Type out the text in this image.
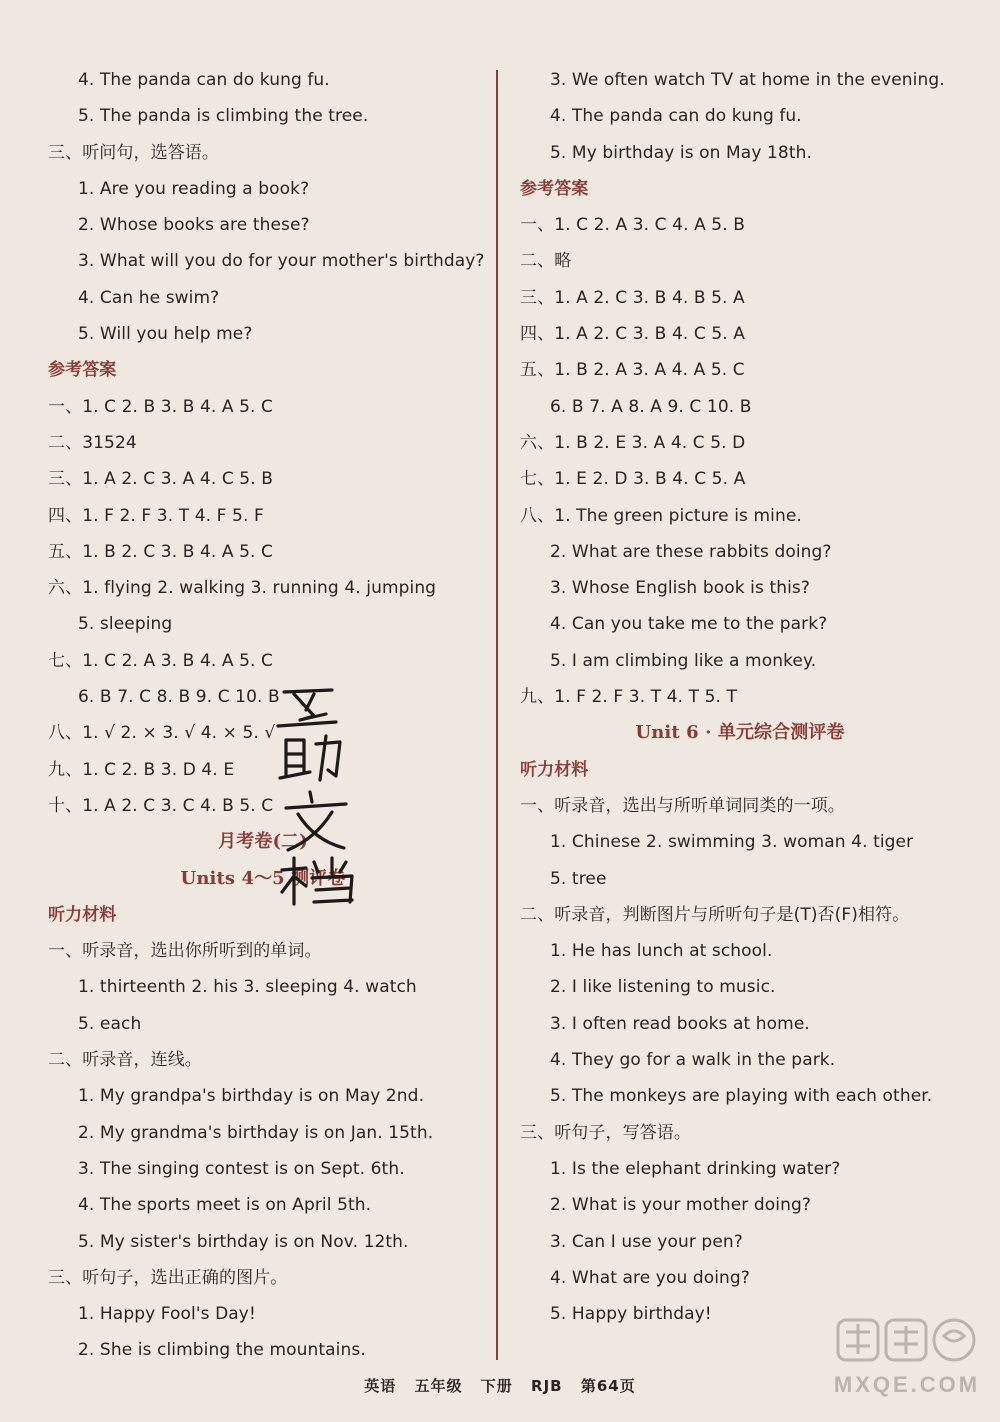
4. The panda can do kung fu.
5. The panda is climbing the tree.
三、听问句，选答语。
1. Are you reading a book?
2. Whose books are these?
3. What will you do for your mother's birthday?
4. Can he swim?
5. Will you help me?
参考答案
一、1. C 2. B 3. B 4. A 5. C
二、31524
三、1. A 2. C 3. A 4. C 5. B
四、1. F 2. F 3. T 4. F 5. F
五、1. B 2. C 3. B 4. A 5. C
六、1. flying 2. walking 3. running 4. jumping
5. sleeping
七、1. C 2. A 3. B 4. A 5. C
6. B 7. C 8. B 9. C 10. B
八、1. √ 2. × 3. √ 4. × 5. √
九、1. C 2. B 3. D 4. E
十、1. A 2. C 3. C 4. B 5. C
月考卷(二)
Units 4～5 测评卷
听力材料
一、听录音，选出你所听到的单词。
1. thirteenth 2. his 3. sleeping 4. watch
5. each
二、听录音，连线。
1. My grandpa's birthday is on May 2nd.
2. My grandma's birthday is on Jan. 15th.
3. The singing contest is on Sept. 6th.
4. The sports meet is on April 5th.
5. My sister's birthday is on Nov. 12th.
三、听句子，选出正确的图片。
1. Happy Fool's Day!
2. She is climbing the mountains.
3. We often watch TV at home in the evening.
4. The panda can do kung fu.
5. My birthday is on May 18th.
参考答案
一、1. C 2. A 3. C 4. A 5. B
二、略
三、1. A 2. C 3. B 4. B 5. A
四、1. A 2. C 3. B 4. C 5. A
五、1. B 2. A 3. A 4. A 5. C
6. B 7. A 8. A 9. C 10. B
六、1. B 2. E 3. A 4. C 5. D
七、1. E 2. D 3. B 4. C 5. A
八、1. The green picture is mine.
2. What are these rabbits doing?
3. Whose English book is this?
4. Can you take me to the park?
5. I am climbing like a monkey.
九、1. F 2. F 3. T 4. T 5. T
Unit 6 · 单元综合测评卷
听力材料
一、听录音，选出与所听单词同类的一项。
1. Chinese 2. swimming 3. woman 4. tiger
5. tree
二、听录音，判断图片与所听句子是(T)否(F)相符。
1. He has lunch at school.
2. I like listening to music.
3. I often read books at home.
4. They go for a walk in the park.
5. The monkeys are playing with each other.
三、听句子，写答语。
1. Is the elephant drinking water?
2. What is your mother doing?
3. Can I use your pen?
4. What are you doing?
5. Happy birthday!
英语 五年级 下册 RJB 第64页	MXQE.COM
